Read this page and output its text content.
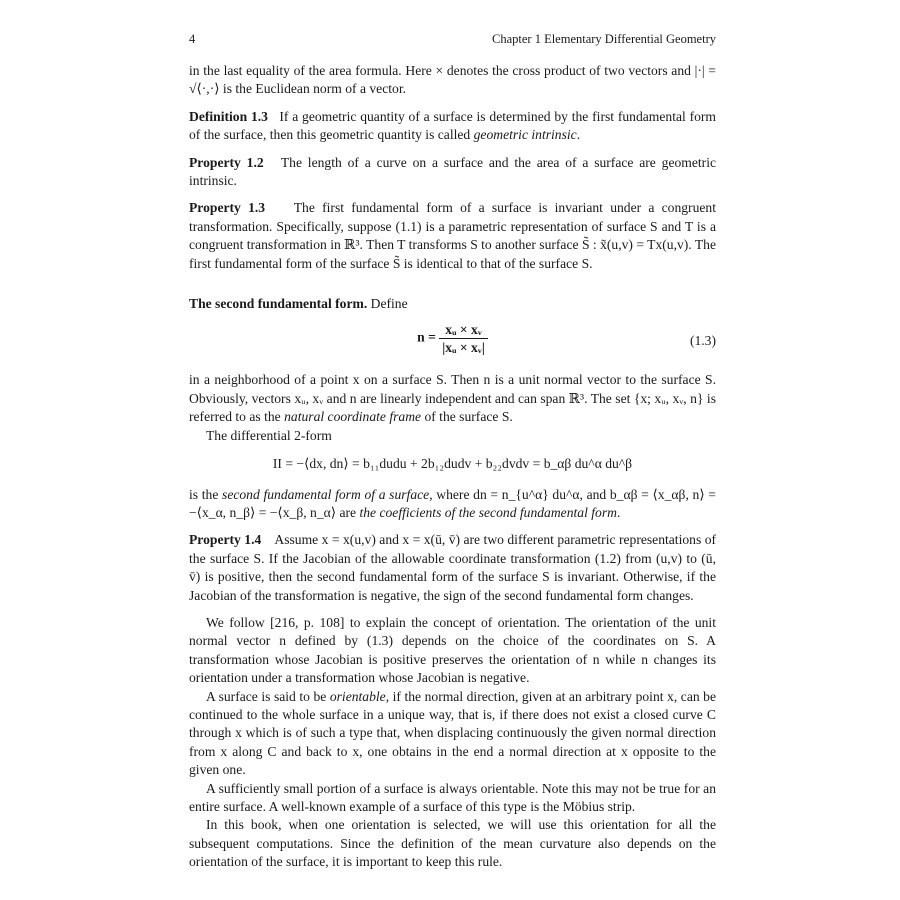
4	Chapter 1 Elementary Differential Geometry

in the last equality of the area formula. Here × denotes the cross product of two vectors and |·| = √⟨·,·⟩ is the Euclidean norm of a vector.

Definition 1.3 If a geometric quantity of a surface is determined by the first fundamental form of the surface, then this geometric quantity is called geometric intrinsic.

Property 1.2 The length of a curve on a surface and the area of a surface are geometric intrinsic.

Property 1.3 The first fundamental form of a surface is invariant under a congruent transformation. Specifically, suppose (1.1) is a parametric representation of surface S and T is a congruent transformation in ℝ³. Then T transforms S to another surface S̃ : x̃(u,v) = Tx(u,v). The first fundamental form of the surface S̃ is identical to that of the surface S.

The second fundamental form. Define

$n = \frac{\text{xᵤ × xᵥ}}{\text{|xᵤ × xᵥ|}}$	(1.3)

in a neighborhood of a point x on a surface S. Then n is a unit normal vector to the surface S. Obviously, vectors xᵤ, xᵥ and n are linearly independent and can span ℝ³. The set {x; xᵤ, xᵥ, n} is referred to as the natural coordinate frame of the surface S.

The differential 2-form

II = −⟨dx, dn⟩ = b₁₁dudu + 2b₁₂dudv + b₂₂dvdv = b_αβ du^α du^β

is the second fundamental form of a surface, where dn = n_{u^α} du^α, and b_αβ = ⟨x_αβ, n⟩ = −⟨x_α, n_β⟩ = −⟨x_β, n_α⟩ are the coefficients of the second fundamental form.

Property 1.4 Assume x = x(u,v) and x = x(ū, v̄) are two different parametric representations of the surface S. If the Jacobian of the allowable coordinate transformation (1.2) from (u,v) to (ū, v̄) is positive, then the second fundamental form of the surface S is invariant. Otherwise, if the Jacobian of the transformation is negative, the sign of the second fundamental form changes.

We follow [216, p. 108] to explain the concept of orientation. The orientation of the unit normal vector n defined by (1.3) depends on the choice of the coordinates on S. A transformation whose Jacobian is positive preserves the orientation of n while n changes its orientation under a transformation whose Jacobian is negative.

A surface is said to be orientable, if the normal direction, given at an arbitrary point x, can be continued to the whole surface in a unique way, that is, if there does not exist a closed curve C through x which is of such a type that, when displacing continuously the given normal direction from x along C and back to x, one obtains in the end a normal direction at x opposite to the given one.

A sufficiently small portion of a surface is always orientable. Note this may not be true for an entire surface. A well-known example of a surface of this type is the Möbius strip.

In this book, when one orientation is selected, we will use this orientation for all the subsequent computations. Since the definition of the mean curvature also depends on the orientation of the surface, it is important to keep this rule.
